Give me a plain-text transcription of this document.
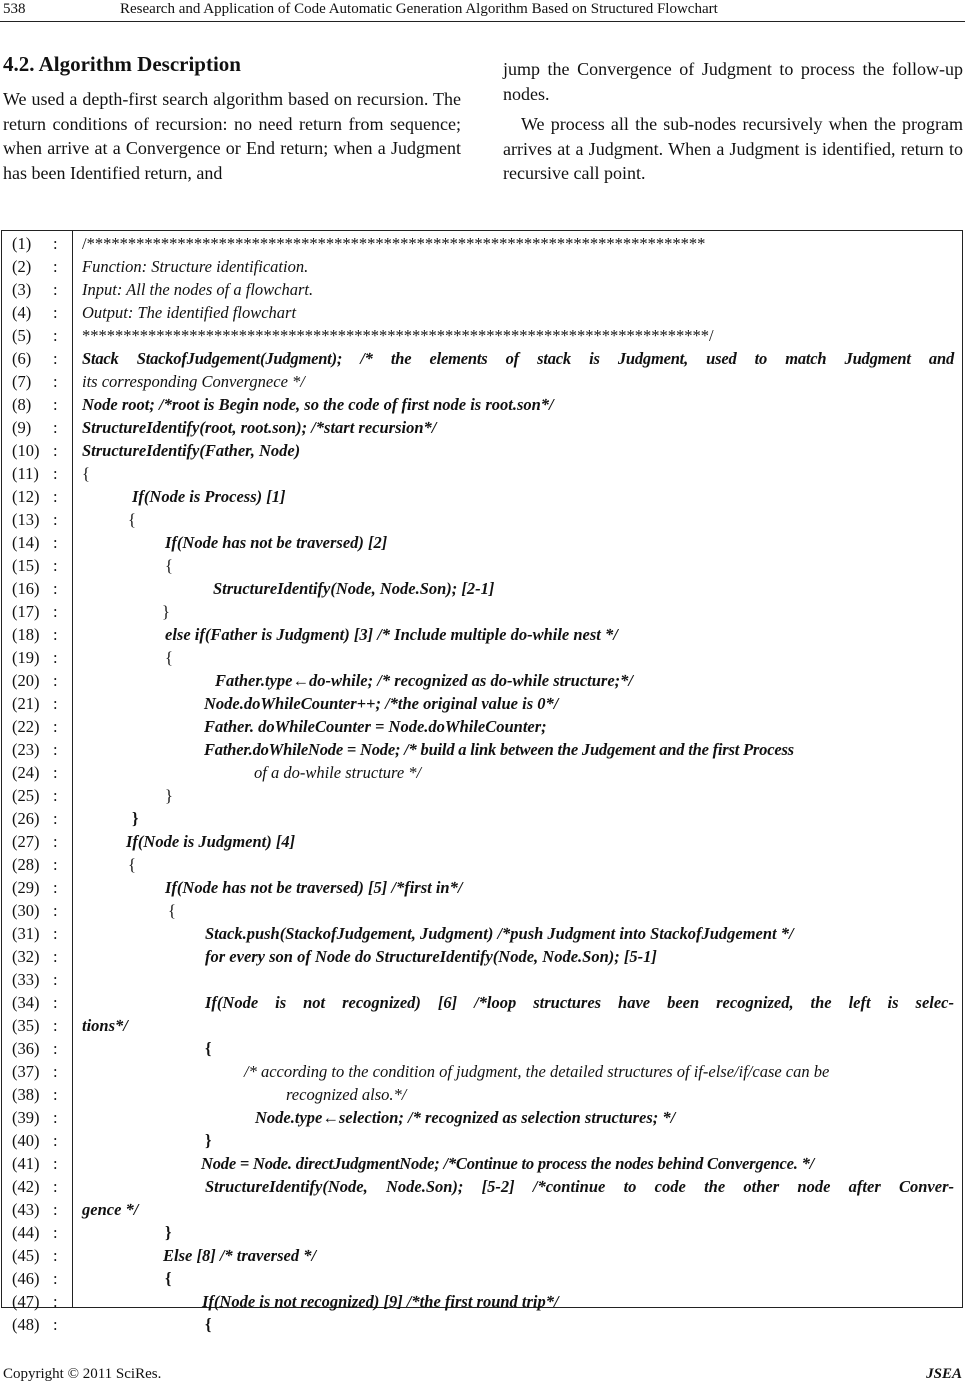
538	Research and Application of Code Automatic Generation Algorithm Based on Structured Flowchart
4.2. Algorithm Description

We used a depth-first search algorithm based on recursion. The return conditions of recursion: no need return from sequence; when arrive at a Convergence or End return; when a Judgment has been Identified return, and

jump the Convergence of Judgment to process the follow-up nodes.

We process all the sub-nodes recursively when the program arrives at a Judgment. When a Judgment is identified, return to recursive call point.

(1) :
(2) :
(3) :
(4) :
(5) :
(6) :
(7) :
(8) :
(9) :
(10) :
(11) :
(12) :
(13) :
(14) :
(15) :
(16) :
(17) :
(18) :
(19) :
(20) :
(21) :
(22) :
(23) :
(24) :
(25) :
(26) :
(27) :
(28) :
(29) :
(30) :
(31) :
(32) :
(33) :
(34) :
(35) :
(36) :
(37) :
(38) :
(39) :
(40) :
(41) :
(42) :
(43) :
(44) :
(45) :
(46) :
(47) :
(48) :
/***************************************************************************
Function: Structure identification.
Input: All the nodes of a flowchart.
Output: The identified flowchart
****************************************************************************/
Stack StackofJudgement(Judgment); /* the elements of stack is Judgment, used to match Judgment and
its corresponding Convergnece */
Node root; /*root is Begin node, so the code of first node is root.son*/
StructureIdentify(root, root.son); /*start recursion*/
StructureIdentify(Father, Node)
{
If(Node is Process) [1]
{
If(Node has not be traversed) [2]
{
StructureIdentify(Node, Node.Son); [2-1]
}
else if(Father is Judgment) [3] /* Include multiple do-while nest */
{
Father.type←do-while; /* recognized as do-while structure;*/
Node.doWhileCounter++; /*the original value is 0*/
Father. doWhileCounter = Node.doWhileCounter;
Father.doWhileNode = Node; /* build a link between the Judgement and the first Process
of a do-while structure */
}
}
If(Node is Judgment) [4]
{
If(Node has not be traversed) [5] /*first in*/
{
Stack.push(StackofJudgement, Judgment) /*push Judgment into StackofJudgement */
for every son of Node do StructureIdentify(Node, Node.Son); [5-1]
If(Node is not recognized) [6] /*loop structures have been recognized, the left is selec-
tions*/
{
/* according to the condition of judgment, the detailed structures of if-else/if/case can be
recognized also.*/
Node.type←selection; /* recognized as selection structures; */
}
Node = Node. directJudgmentNode; /*Continue to process the nodes behind Convergence. */
StructureIdentify(Node, Node.Son); [5-2] /*continue to code the other node after Conver-
gence */
}
Else [8] /* traversed */
{
If(Node is not recognized) [9] /*the first round trip*/
{
Copyright © 2011 SciRes.	JSEA
